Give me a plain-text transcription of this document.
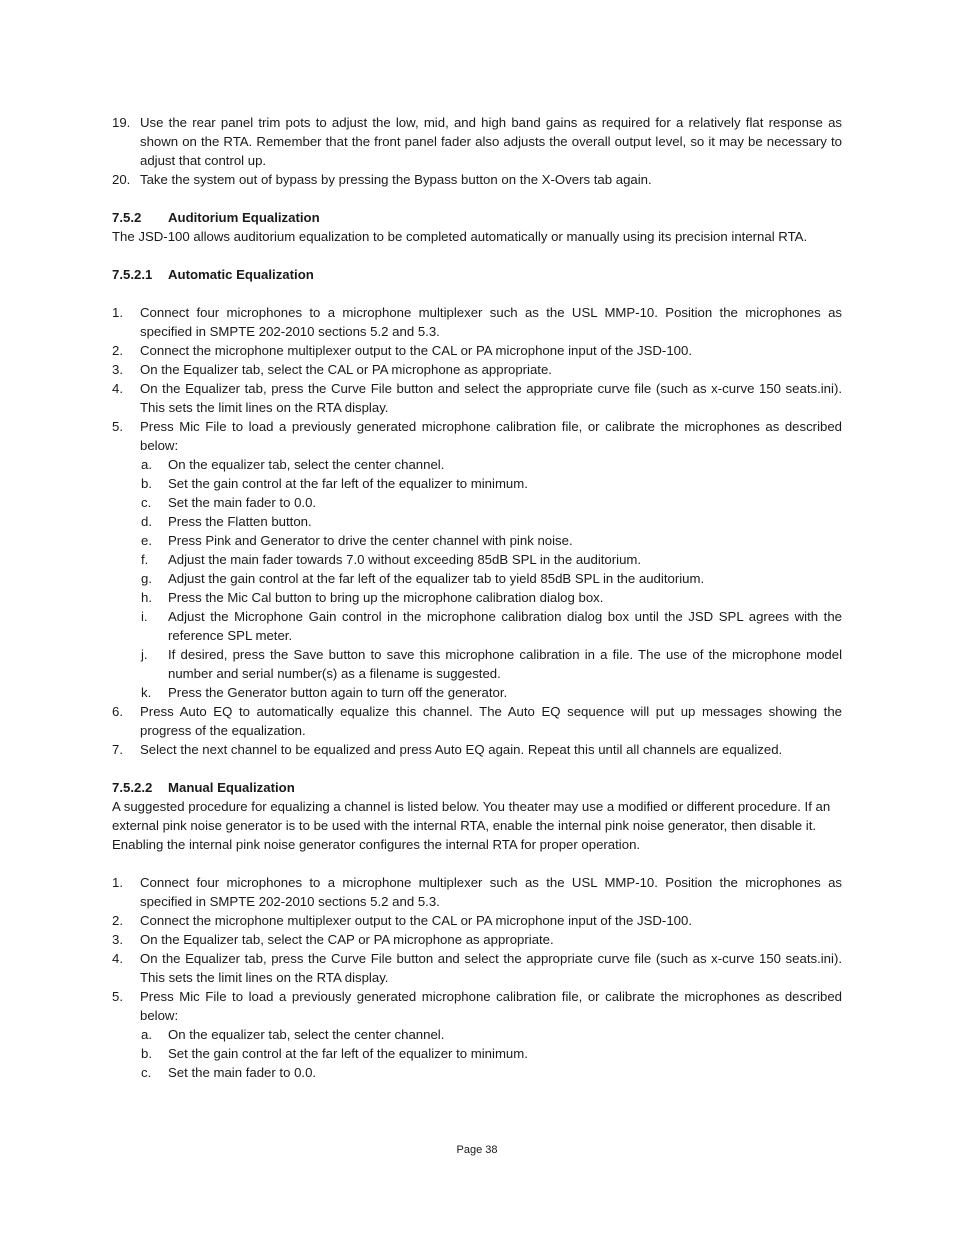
19. Use the rear panel trim pots to adjust the low, mid, and high band gains as required for a relatively flat response as shown on the RTA. Remember that the front panel fader also adjusts the overall output level, so it may be necessary to adjust that control up.
20. Take the system out of bypass by pressing the Bypass button on the X-Overs tab again.
7.5.2 Auditorium Equalization
The JSD-100 allows auditorium equalization to be completed automatically or manually using its precision internal RTA.
7.5.2.1 Automatic Equalization
1. Connect four microphones to a microphone multiplexer such as the USL MMP-10. Position the microphones as specified in SMPTE 202-2010 sections 5.2 and 5.3.
2. Connect the microphone multiplexer output to the CAL or PA microphone input of the JSD-100.
3. On the Equalizer tab, select the CAL or PA microphone as appropriate.
4. On the Equalizer tab, press the Curve File button and select the appropriate curve file (such as x-curve 150 seats.ini). This sets the limit lines on the RTA display.
5. Press Mic File to load a previously generated microphone calibration file, or calibrate the microphones as described below:
a. On the equalizer tab, select the center channel.
b. Set the gain control at the far left of the equalizer to minimum.
c. Set the main fader to 0.0.
d. Press the Flatten button.
e. Press Pink and Generator to drive the center channel with pink noise.
f. Adjust the main fader towards 7.0 without exceeding 85dB SPL in the auditorium.
g. Adjust the gain control at the far left of the equalizer tab to yield 85dB SPL in the auditorium.
h. Press the Mic Cal button to bring up the microphone calibration dialog box.
i. Adjust the Microphone Gain control in the microphone calibration dialog box until the JSD SPL agrees with the reference SPL meter.
j. If desired, press the Save button to save this microphone calibration in a file. The use of the microphone model number and serial number(s) as a filename is suggested.
k. Press the Generator button again to turn off the generator.
6. Press Auto EQ to automatically equalize this channel. The Auto EQ sequence will put up messages showing the progress of the equalization.
7. Select the next channel to be equalized and press Auto EQ again. Repeat this until all channels are equalized.
7.5.2.2 Manual Equalization
A suggested procedure for equalizing a channel is listed below. You theater may use a modified or different procedure. If an external pink noise generator is to be used with the internal RTA, enable the internal pink noise generator, then disable it. Enabling the internal pink noise generator configures the internal RTA for proper operation.
1. Connect four microphones to a microphone multiplexer such as the USL MMP-10. Position the microphones as specified in SMPTE 202-2010 sections 5.2 and 5.3.
2. Connect the microphone multiplexer output to the CAL or PA microphone input of the JSD-100.
3. On the Equalizer tab, select the CAP or PA microphone as appropriate.
4. On the Equalizer tab, press the Curve File button and select the appropriate curve file (such as x-curve 150 seats.ini). This sets the limit lines on the RTA display.
5. Press Mic File to load a previously generated microphone calibration file, or calibrate the microphones as described below:
a. On the equalizer tab, select the center channel.
b. Set the gain control at the far left of the equalizer to minimum.
c. Set the main fader to 0.0.
Page 38
